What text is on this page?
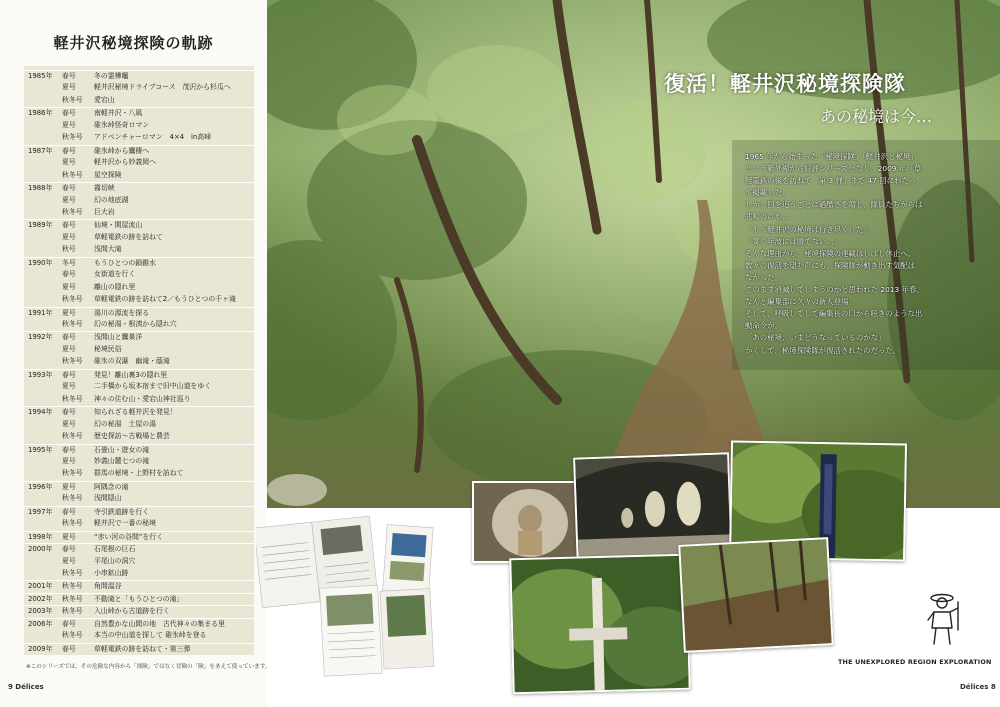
軽井沢秘境探険の軌跡
1985年	春号	冬の霊樺竈
夏号	軽井沢秘境ドライブコース　茂沢から杉瓜へ
秋冬号	愛宕山
1986年	春号	南軽井沢・八風
夏号	碓氷峠怪奇ロマン
秋冬号	アドベンチャーロマン　4×4　in高峰
1987年	春号	碓氷峠から鷹棲へ
夏号	軽井沢から妙義岡へ
秋冬号	星空探険
1988年	春号	霧切峡
夏号	幻の地底湖
秋冬号	巨大岩
1989年	春号	仙境・閑屋流山
夏号	草軽電鉄の跡を訪ねて
秋号	浅間大滝
1990年	冬号	もうひとつの鎖錐水
春号	女街道を行く
夏号	離山の隠れ里
秋冬号	草軽電鉄の跡を訪ねて2／もうひとつの千ヶ滝
1991年	夏号	湯川の源流を探る
秋冬号	幻の秘湯・根洟から隠れ穴
1992年	春号	浅間山と鷹巣洋
夏号	秘境民俗
秋冬号	碓氷の双瀑　幽滝・蔭滝
1993年	春号	発見！離山裏3の隠れ里
夏号	二手橋から坂本宿まで旧中山道をゆく
秋冬号	神々の住む山・愛宕山神社巡り
1994年	春号	知られざる軽井沢を発見！
夏号	幻の秘湯　土屋の湯
秋冬号	歴史探訪～古戦場と農芸
1995年	春号	石畳山・遊女の滝
夏号	妙義山麓七つの滝
秋冬号	群馬の秘境・上野村を訪ねて
1996年	夏号	阿隅念の滝
秋冬号	浅間隠山
1997年	春号	寺引鉄道跡を行く
秋冬号	軽井沢で一番の秘境
1998年	夏号	“赤い河の谷間”を行く
2000年	春号	石尾根の巨石
夏号	平尾山の洞穴
秋冬号	小串鉱山跡
2001年	秋冬号	角間温谷
2002年	秋冬号	不動滝と「もうひとつの滝」
2003年	秋冬号	入山峠から古道跡を行く
2006年	春号	自然豊かな山間の地　古代神々の集まる里
秋冬号	本当の中山道を探して 碓氷峠を登る
2009年	春号	草軽電鉄の跡を訪ねて・第三弾
※このシリーズでは、その危険な内容から「探険」ではなく冒険の「険」をあえて使っています。
9 Délices
復活！軽井沢秘境探険隊
あの秘境は今…
1965 年から始まった「秘境探険」「軽井沢と秘境」
という紫外線から好評シリーズとなり、2009 年「草
軽電鉄の後を訪ねて　第 3 弾」まで 47 回にわたっ
て掲載した。
しかし回を追うごとに過酷さを増し、隊員たちからは
悲鳴の声も…
「もう軽井沢の秘境は行き尽くした」
「寄る年波には勝てない…」
そんな理由から、秘境探険の連載はしばし休止へ。
数々の復活を望む声にも、探険隊が動き出す気配は
なかった。
このまま消滅してしまうのかと思われた 2013 年春、
なんと編集部に久々の新人登場。
そして、呼吸してして編集長の口から呟きのような出
動命令が。
「あの秘境、いまどうなっているのかな」
かくして、秘境探険隊が復活されたのだった。
THE UNEXPLORED REGION EXPLORATION
Délices 8
